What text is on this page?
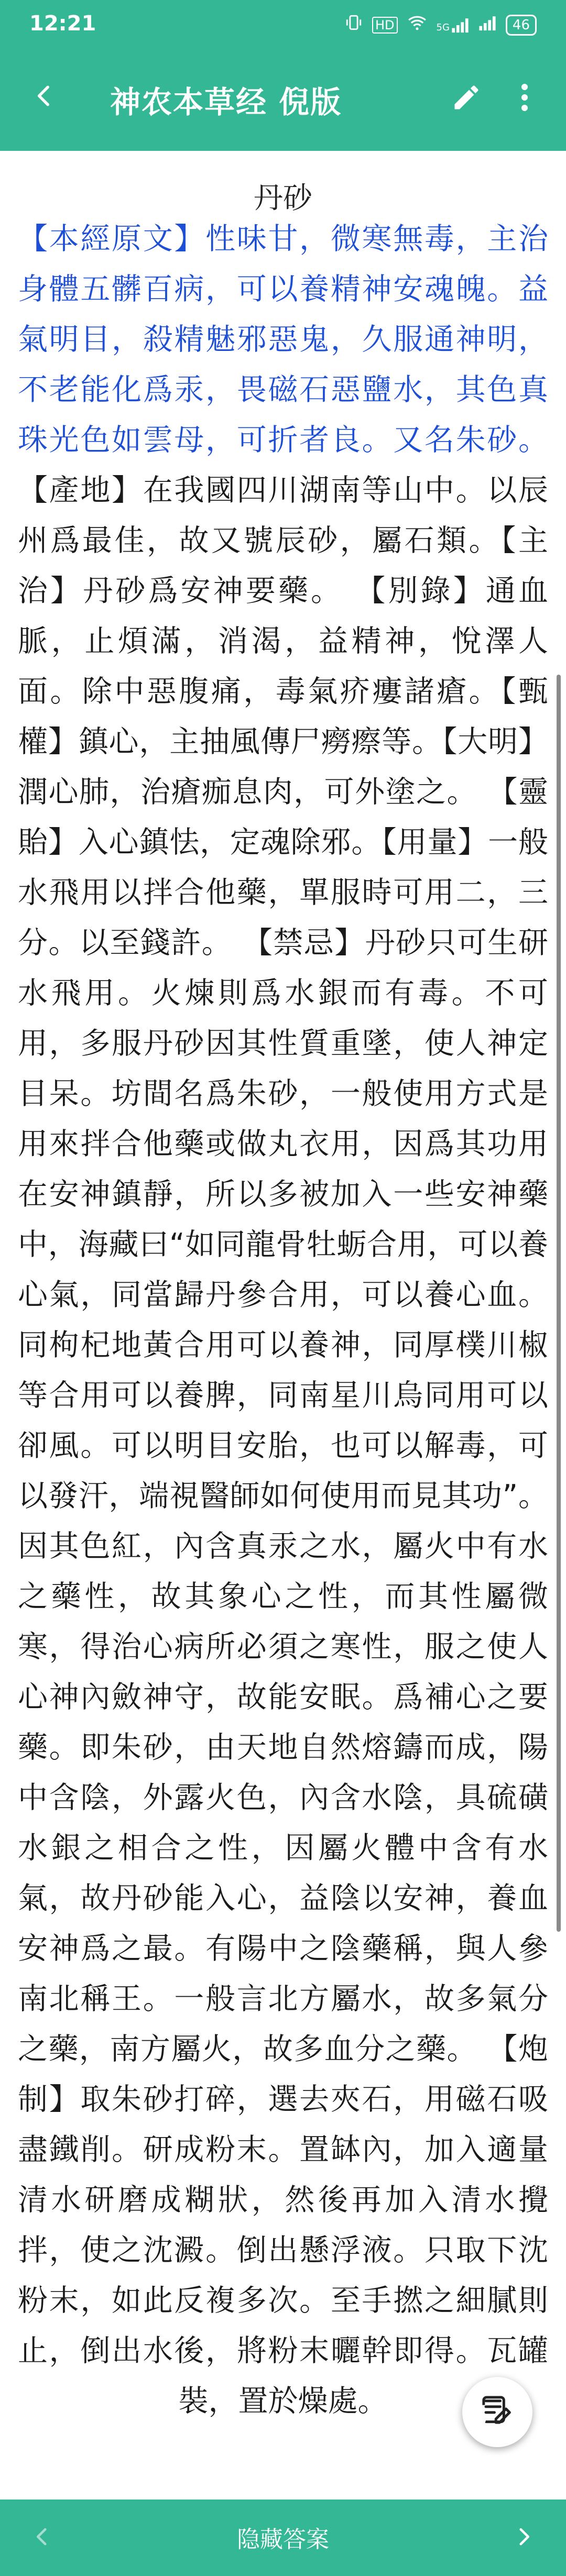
12:21	HD	5G	46
神农本草经 倪版
丹砂
【本經原文】性味甘，微寒無毒，主治身體五髒百病，可以養精神安魂魄。益氣明目，殺精魅邪惡鬼，久服通神明，不老能化爲汞，畏磁石惡鹽水，其色真珠光色如雲母，可折者良。又名朱砂。【產地】在我國四川湖南等山中。以辰州爲最佳，故又號辰砂，屬石類。【主治】丹砂爲安神要藥。 【別錄】通血脈，止煩滿，消渴，益精神，悅澤人面。除中惡腹痛，毒氣疥瘻諸瘡。【甄權】鎮心，主抽風傳尸癆瘵等。【大明】潤心肺，治瘡痂息肉，可外塗之。 【靈貽】入心鎮怯，定魂除邪。【用量】一般水飛用以拌合他藥，單服時可用二，三分。以至錢許。 【禁忌】丹砂只可生研水飛用。火煉則爲水銀而有毒。不可用，多服丹砂因其性質重墜，使人神定目呆。坊間名爲朱砂，一般使用方式是用來拌合他藥或做丸衣用，因爲其功用在安神鎮靜，所以多被加入一些安神藥中，海藏曰“如同龍骨牡蛎合用，可以養心氣，同當歸丹參合用，可以養心血。同枸杞地黃合用可以養神，同厚樸川椒等合用可以養脾，同南星川烏同用可以卻風。可以明目安胎，也可以解毒，可以發汗，端視醫師如何使用而見其功”。 因其色紅，內含真汞之水，屬火中有水之藥性，故其象心之性，而其性屬微寒，得治心病所必須之寒性，服之使人心神內斂神守，故能安眠。爲補心之要藥。即朱砂，由天地自然熔鑄而成，陽中含陰，外露火色，內含水陰，具硫磺水銀之相合之性，因屬火體中含有水氣，故丹砂能入心，益陰以安神，養血安神爲之最。有陽中之陰藥稱，與人參南北稱王。一般言北方屬水，故多氣分之藥，南方屬火，故多血分之藥。 【炮制】取朱砂打碎，選去夾石，用磁石吸盡鐵削。研成粉末。置缽內，加入適量清水研磨成糊狀，然後再加入清水攪拌，使之沈澱。倒出懸浮液。只取下沈粉末，如此反複多次。至手撚之細膩則止，倒出水後，將粉末曬幹即得。瓦罐裝，置於燥處。
隐藏答案
